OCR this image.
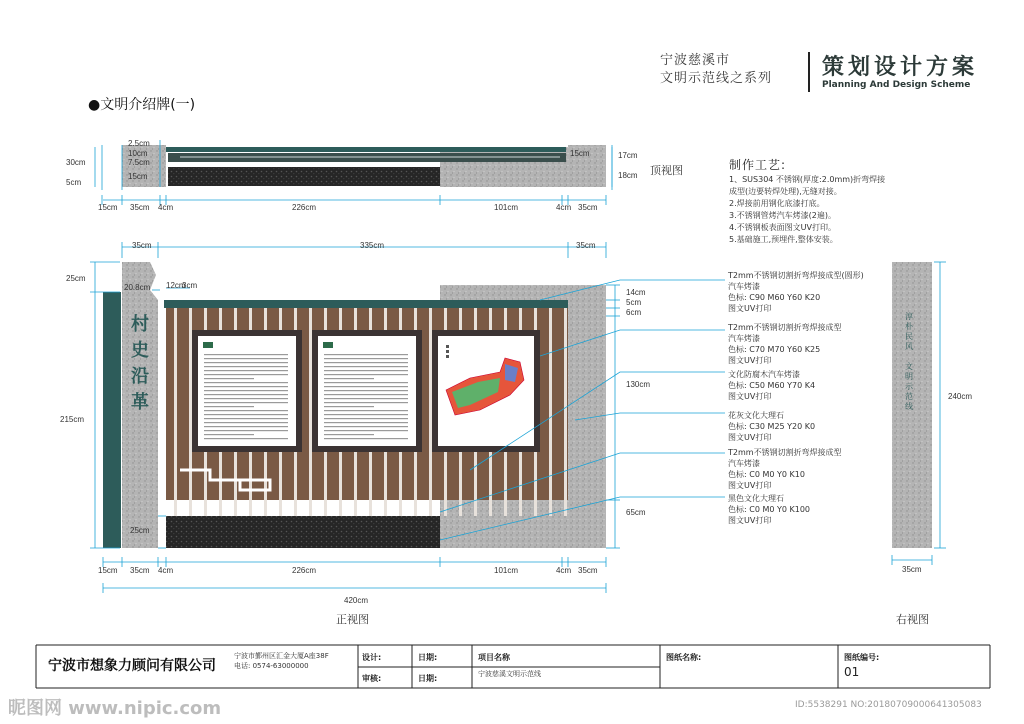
宁波慈溪市
文明示范线之系列 策划设计方案
Planning And Design Scheme
●文明介绍牌(一)
2.5cm
10cm
7.5cm
15cm
30cm
5cm
15cm	17cm
18cm 顶视图
15cm 35cm 4cm	226cm	101cm	4cm 35cm
35cm	335cm	35cm
25cm
20.8cm
215cm
25cm
12cm
3cm
14cm
5cm
6cm
130cm
65cm
15cm 35cm 4cm	226cm	101cm	4cm 35cm
420cm
正视图
村
史
沿
革
淳朴民风
文明示范线
240cm
35cm
右视图
制作工艺:
1、SUS304 不锈钢(厚度:2.0mm)折弯焊接成型(边要转焊处理),无缝对接。
2.焊接前用钢化底漆打底。
3.不锈钢管烤汽车烤漆(2遍)。
4.不锈钢板表面图文UV打印。
5.基础施工,预埋件,整体安装。
T2mm不锈钢切割折弯焊接成型(圆形)
汽车烤漆
色标: C90 M60 Y60 K20
图文UV打印
T2mm不锈钢切割折弯焊接成型
汽车烤漆
色标: C70 M70 Y60 K25
图文UV打印
文化防腐木汽车烤漆
色标: C50 M60 Y70 K4
图文UV打印
花灰文化大理石
色标: C30 M25 Y20 K0
图文UV打印
T2mm不锈钢切割折弯焊接成型
汽车烤漆
色标: C0 M0 Y0 K10
图文UV打印
黑色文化大理石
色标: C0 M0 Y0 K100
图文UV打印
宁波市想象力顾问有限公司
宁波市鄞州区汇金大厦A座38F
电话: 0574-63000000
设计:	日期:
审核:	日期:
项目名称
宁波慈溪文明示范线
图纸名称:	图纸编号:
01
昵图网 www.nipic.com	ID:5538291 NO:20180709000641305083
